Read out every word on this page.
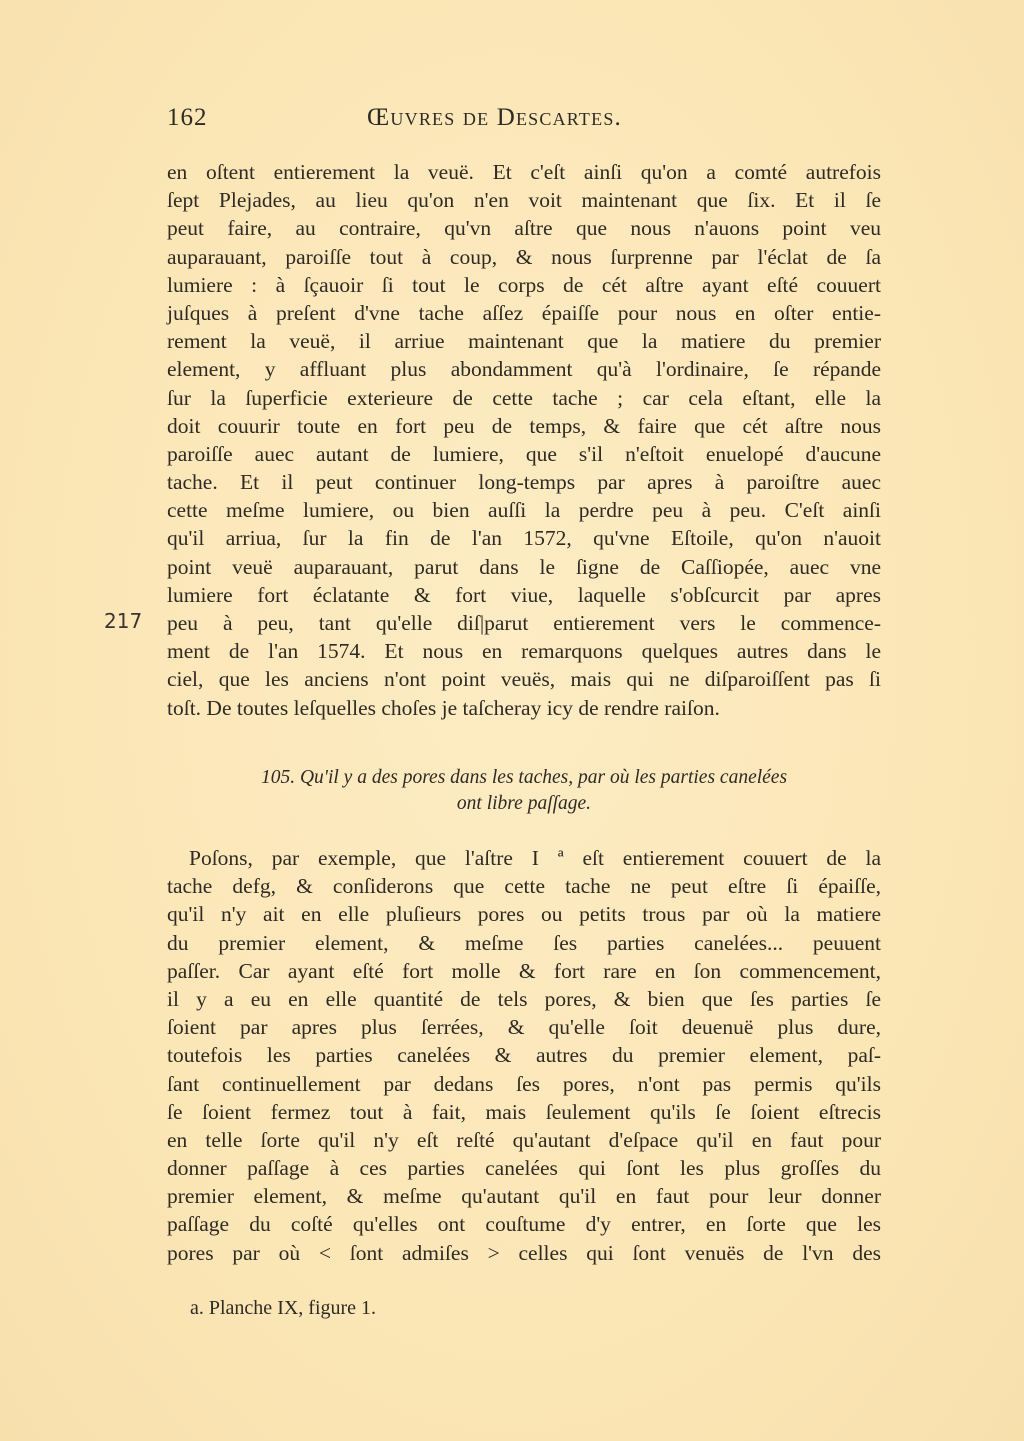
162	Œuvres de Descartes.
217
en oſtent entierement la veuë. Et c'eſt ainſi qu'on a comté autrefois
ſept Plejades, au lieu qu'on n'en voit maintenant que ſix. Et il ſe
peut faire, au contraire, qu'vn aſtre que nous n'auons point veu
auparauant, paroiſſe tout à coup, & nous ſurprenne par l'éclat de ſa
lumiere : à ſçauoir ſi tout le corps de cét aſtre ayant eſté couuert
juſques à preſent d'vne tache aſſez épaiſſe pour nous en oſter entie-
rement la veuë, il arriue maintenant que la matiere du premier
element, y affluant plus abondamment qu'à l'ordinaire, ſe répande
ſur la ſuperficie exterieure de cette tache ; car cela eſtant, elle la
doit couurir toute en fort peu de temps, & faire que cét aſtre nous
paroiſſe auec autant de lumiere, que s'il n'eſtoit enuelopé d'aucune
tache. Et il peut continuer long-temps par apres à paroiſtre auec
cette meſme lumiere, ou bien auſſi la perdre peu à peu. C'eſt ainſi
qu'il arriua, ſur la fin de l'an 1572, qu'vne Eſtoile, qu'on n'auoit
point veuë auparauant, parut dans le ſigne de Caſſiopée, auec vne
lumiere fort éclatante & fort viue, laquelle s'obſcurcit par apres
peu à peu, tant qu'elle diſ|parut entierement vers le commence-
ment de l'an 1574. Et nous en remarquons quelques autres dans le
ciel, que les anciens n'ont point veuës, mais qui ne diſparoiſſent pas ſi
toſt. De toutes leſquelles choſes je taſcheray icy de rendre raiſon.
105. Qu'il y a des pores dans les taches, par où les parties canelées
ont libre paſſage.
Poſons, par exemple, que l'aſtre I ª eſt entierement couuert de la
tache defg, & conſiderons que cette tache ne peut eſtre ſi épaiſſe,
qu'il n'y ait en elle pluſieurs pores ou petits trous par où la matiere
du premier element, & meſme ſes parties canelées... peuuent
paſſer. Car ayant eſté fort molle & fort rare en ſon commencement,
il y a eu en elle quantité de tels pores, & bien que ſes parties ſe
ſoient par apres plus ſerrées, & qu'elle ſoit deuenuë plus dure,
toutefois les parties canelées & autres du premier element, paſ-
ſant continuellement par dedans ſes pores, n'ont pas permis qu'ils
ſe ſoient fermez tout à fait, mais ſeulement qu'ils ſe ſoient eſtrecis
en telle ſorte qu'il n'y eſt reſté qu'autant d'eſpace qu'il en faut pour
donner paſſage à ces parties canelées qui ſont les plus groſſes du
premier element, & meſme qu'autant qu'il en faut pour leur donner
paſſage du coſté qu'elles ont couſtume d'y entrer, en ſorte que les
pores par où < ſont admiſes > celles qui ſont venuës de l'vn des
a. Planche IX, figure 1.
